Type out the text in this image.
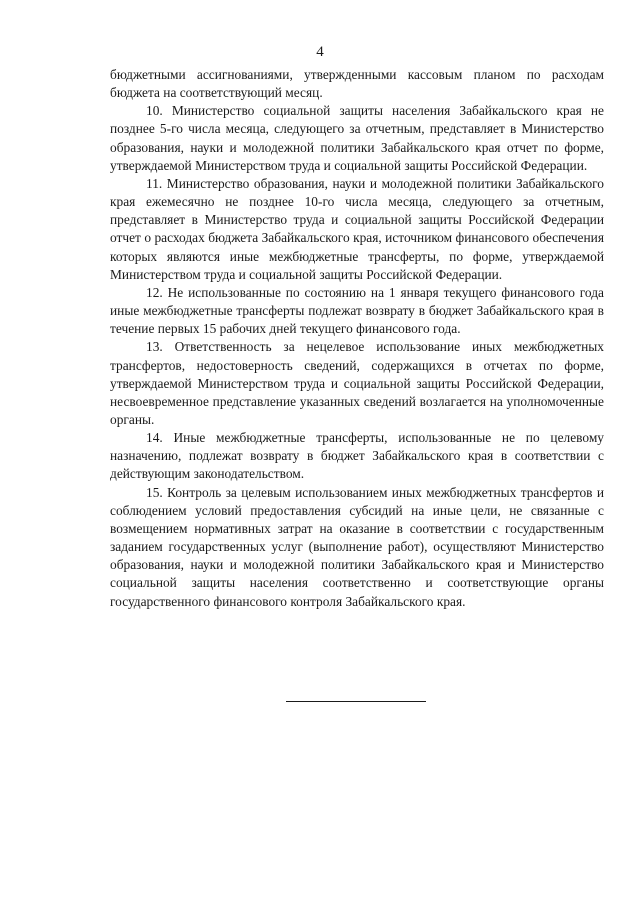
4

бюджетными ассигнованиями, утвержденными кассовым планом по расходам бюджета на соответствующий месяц.

10. Министерство социальной защиты населения Забайкальского края не позднее 5-го числа месяца, следующего за отчетным, представляет в Министерство образования, науки и молодежной политики Забайкальского края отчет по форме, утверждаемой Министерством труда и социальной защиты Российской Федерации.

11. Министерство образования, науки и молодежной политики Забайкальского края ежемесячно не позднее 10-го числа месяца, следующего за отчетным, представляет в Министерство труда и социальной защиты Российской Федерации отчет о расходах бюджета Забайкальского края, источником финансового обеспечения которых являются иные межбюджетные трансферты, по форме, утверждаемой Министерством труда и социальной защиты Российской Федерации.

12. Не использованные по состоянию на 1 января текущего финансового года иные межбюджетные трансферты подлежат возврату в бюджет Забайкальского края в течение первых 15 рабочих дней текущего финансового года.

13. Ответственность за нецелевое использование иных межбюджетных трансфертов, недостоверность сведений, содержащихся в отчетах по форме, утверждаемой Министерством труда и социальной защиты Российской Федерации, несвоевременное представление указанных сведений возлагается на уполномоченные органы.

14. Иные межбюджетные трансферты, использованные не по целевому назначению, подлежат возврату в бюджет Забайкальского края в соответствии с действующим законодательством.

15. Контроль за целевым использованием иных межбюджетных трансфертов и соблюдением условий предоставления субсидий на иные цели, не связанные с возмещением нормативных затрат на оказание в соответствии с государственным заданием государственных услуг (выполнение работ), осуществляют Министерство образования, науки и молодежной политики Забайкальского края и Министерство социальной защиты населения соответственно и соответствующие органы государственного финансового контроля Забайкальского края.
